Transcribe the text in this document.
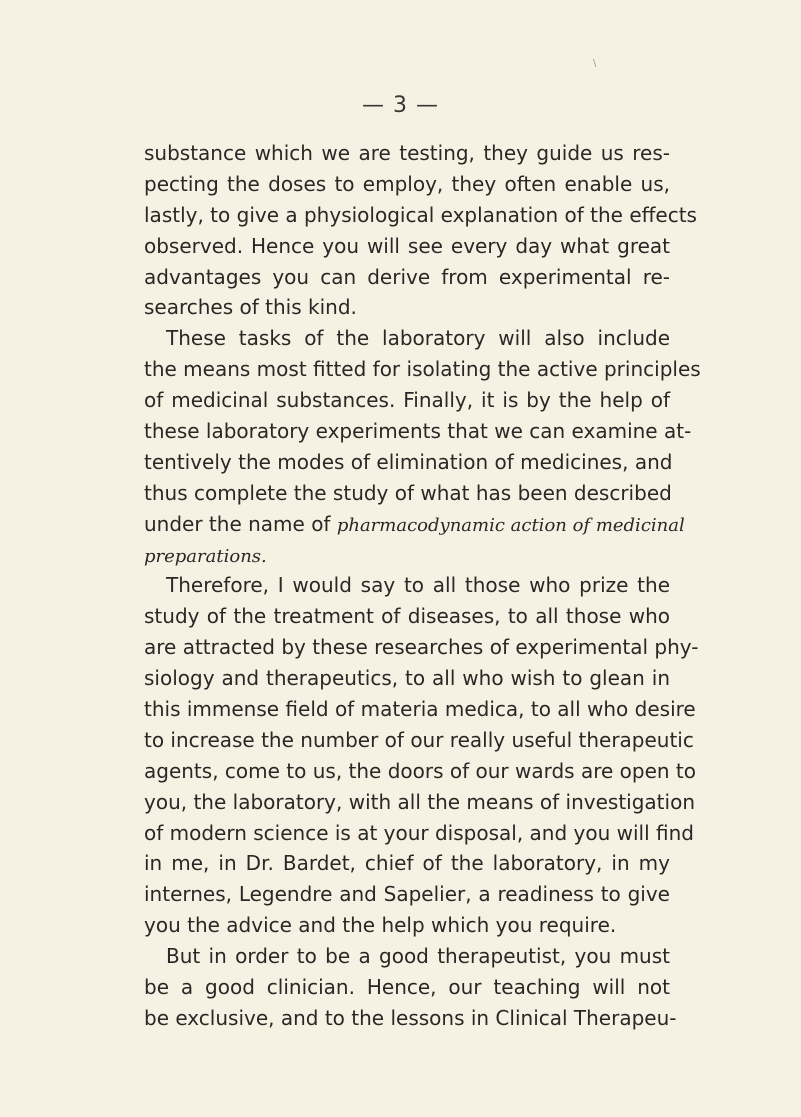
— 3 —
\
substance which we are testing, they guide us res-
pecting the doses to employ, they often enable us,
lastly, to give a physiological explanation of the effects
observed. Hence you will see every day what great
advantages you can derive from experimental re-
searches of this kind.
These tasks of the laboratory will also include
the means most fitted for isolating the active principles
of medicinal substances. Finally, it is by the help of
these laboratory experiments that we can examine at-
tentively the modes of elimination of medicines, and
thus complete the study of what has been described
under the name of pharmacodynamic action of medicinal
preparations.
Therefore, I would say to all those who prize the
study of the treatment of diseases, to all those who
are attracted by these researches of experimental phy-
siology and therapeutics, to all who wish to glean in
this immense field of materia medica, to all who desire
to increase the number of our really useful therapeutic
agents, come to us, the doors of our wards are open to
you, the laboratory, with all the means of investigation
of modern science is at your disposal, and you will find
in me, in Dr. Bardet, chief of the laboratory, in my
internes, Legendre and Sapelier, a readiness to give
you the advice and the help which you require.
But in order to be a good therapeutist, you must
be a good clinician. Hence, our teaching will not
be exclusive, and to the lessons in Clinical Therapeu-
